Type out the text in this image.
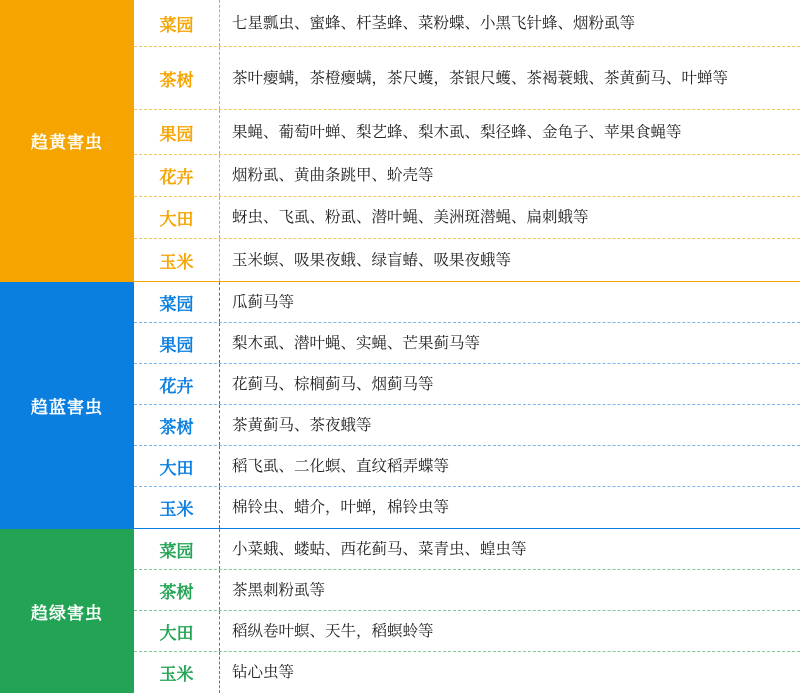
趋黄害虫
菜园	七星瓢虫、蜜蜂、杆茎蜂、菜粉蝶、小黑飞针蜂、烟粉虱等
茶树	茶叶瘿螨，茶橙瘿螨，茶尺蠖，茶银尺蠖、茶褐蓑蛾、茶黄蓟马、叶蝉等
果园	果蝇、葡萄叶蝉、梨艺蜂、梨木虱、梨径蜂、金龟子、苹果食蝇等
花卉	烟粉虱、黄曲条跳甲、蚧壳等
大田	蚜虫、飞虱、粉虱、潜叶蝇、美洲斑潜蝇、扁刺蛾等
玉米	玉米螟、吸果夜蛾、绿盲蝽、吸果夜蛾等
趋蓝害虫
菜园	瓜蓟马等
果园	梨木虱、潜叶蝇、实蝇、芒果蓟马等
花卉	花蓟马、棕榈蓟马、烟蓟马等
茶树	茶黄蓟马、茶夜蛾等
大田	稻飞虱、二化螟、直纹稻弄蝶等
玉米	棉铃虫、蜡介，叶蝉，棉铃虫等
趋绿害虫
菜园	小菜蛾、蝼蛄、西花蓟马、菜青虫、蝗虫等
茶树	茶黑刺粉虱等
大田	稻纵卷叶螟、天牛，稻螟蛉等
玉米	钻心虫等
